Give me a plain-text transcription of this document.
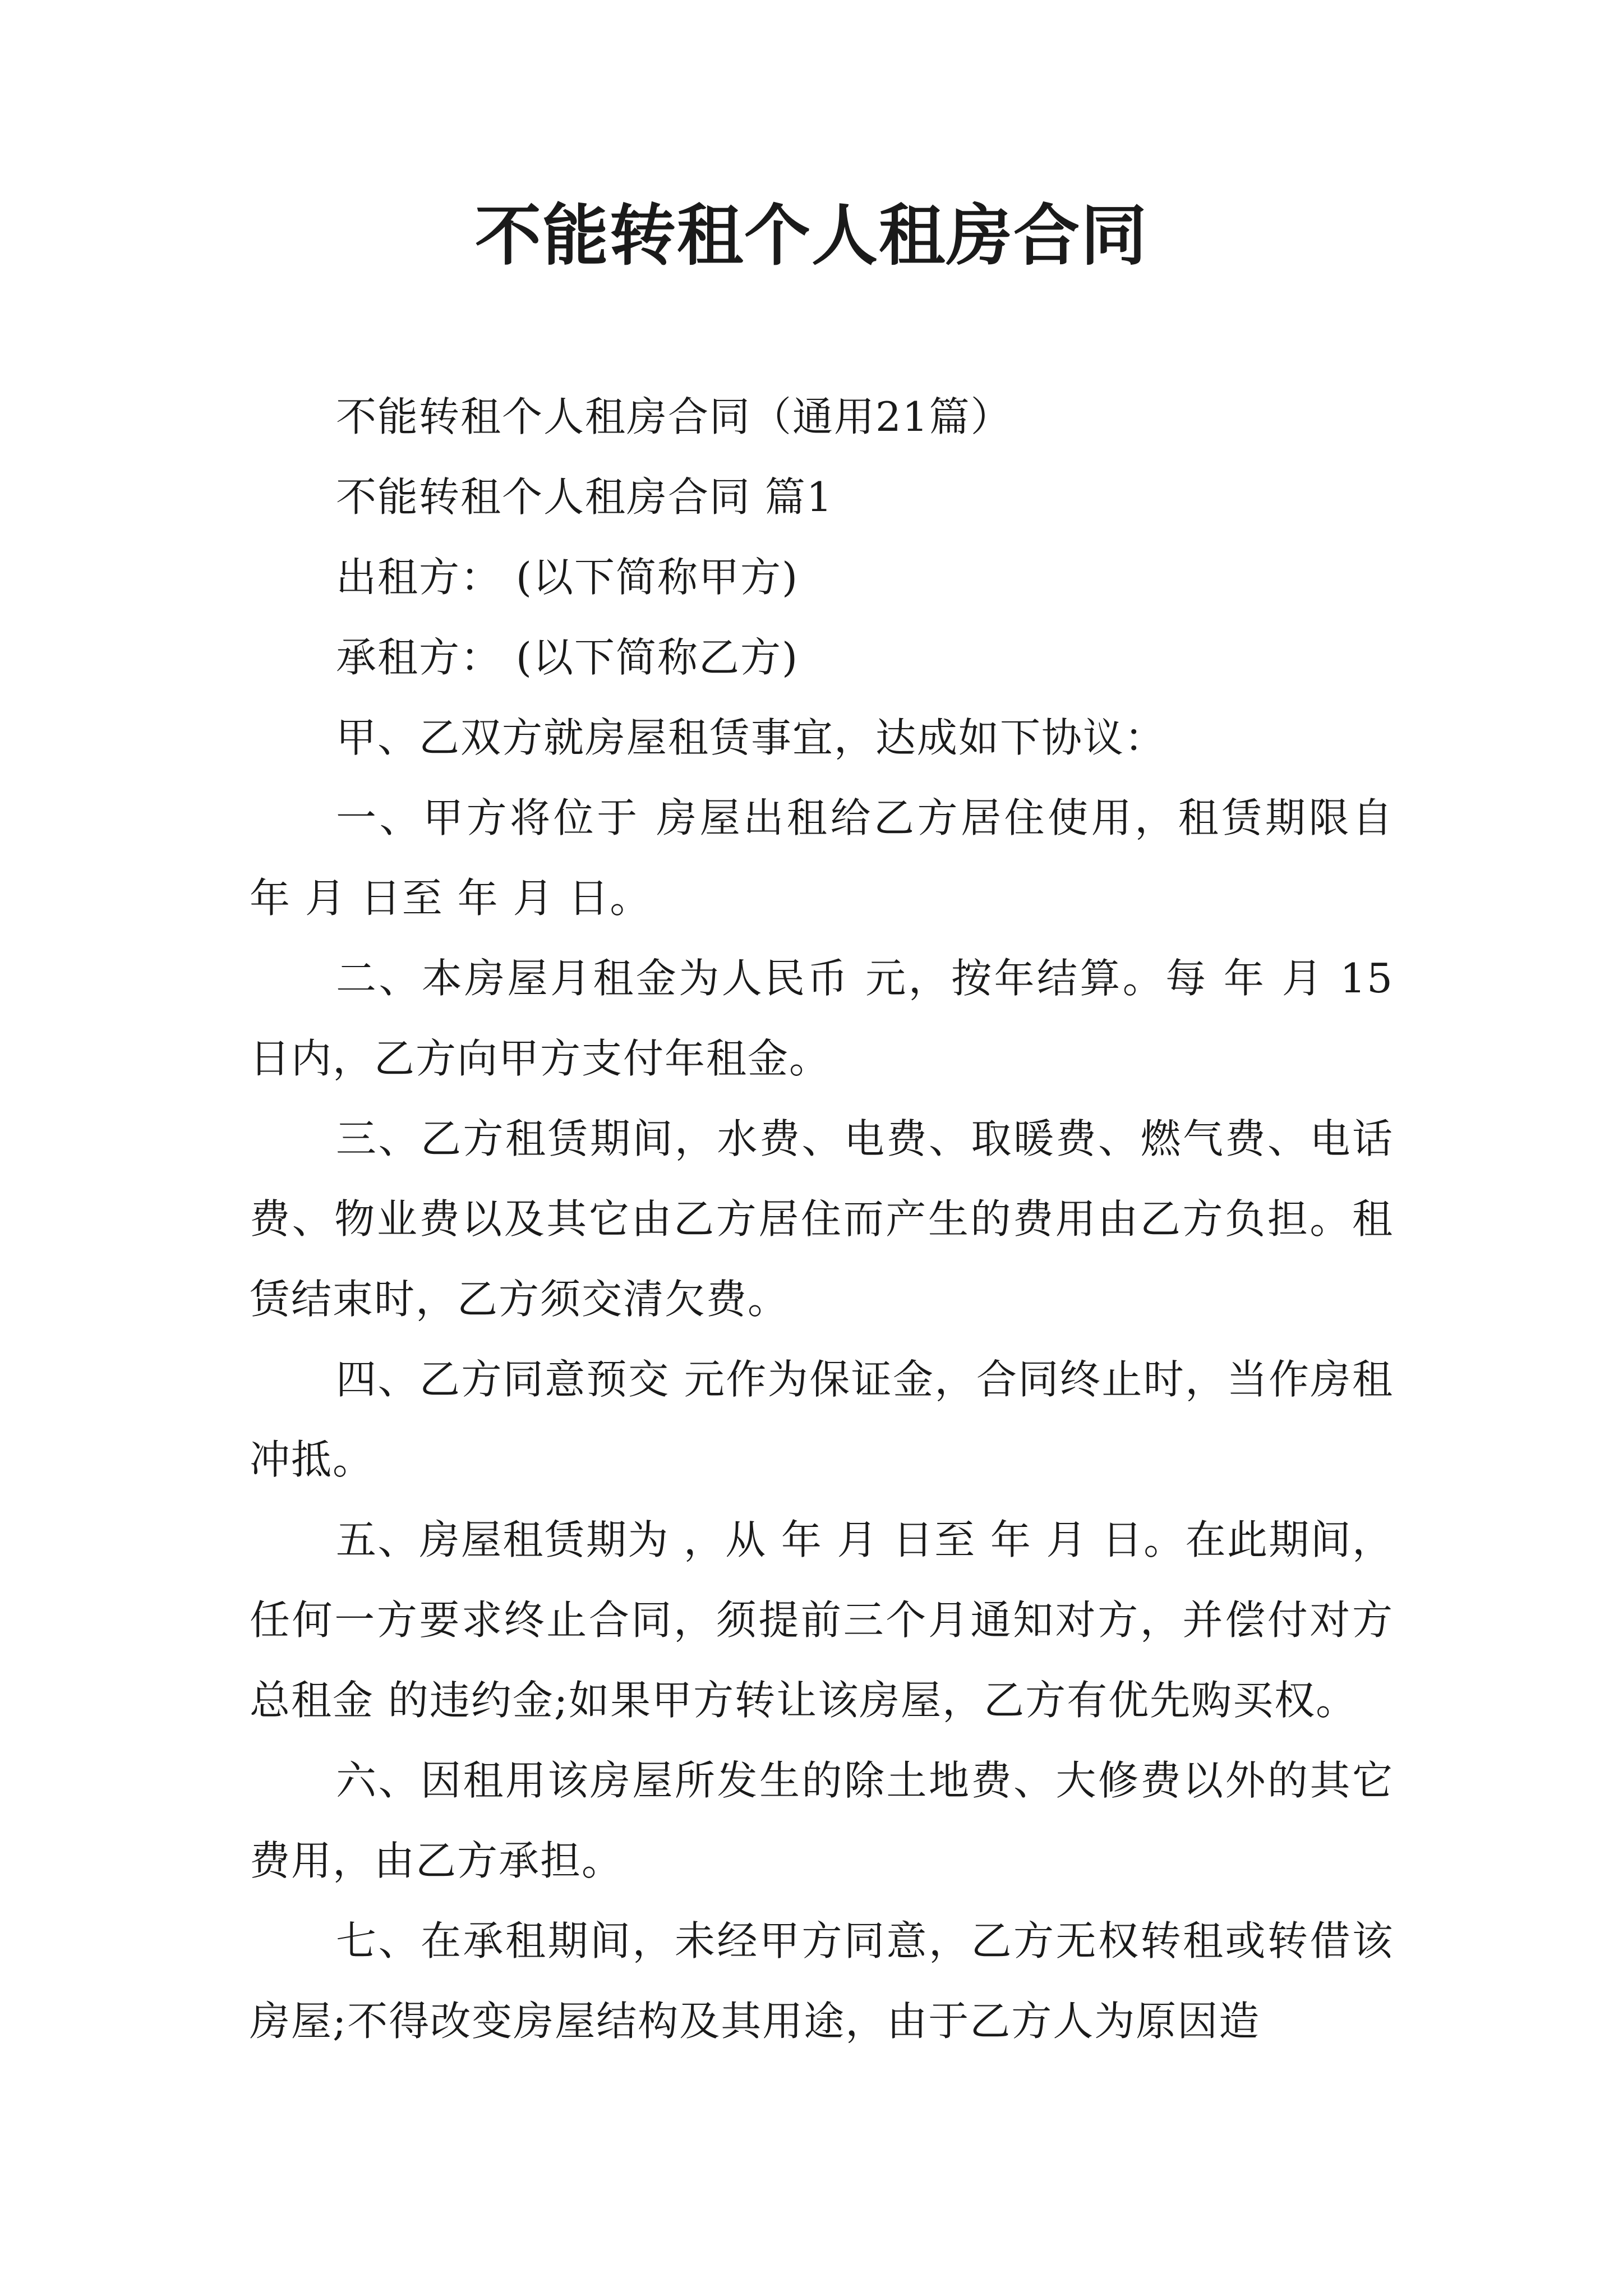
不能转租个人租房合同

不能转租个人租房合同（通用21篇）

不能转租个人租房合同 篇1

出租方： (以下简称甲方)

承租方： (以下简称乙方)

甲、乙双方就房屋租赁事宜，达成如下协议：

一、甲方将位于 房屋出租给乙方居住使用，租赁期限自 年 月 日至 年 月 日。

二、本房屋月租金为人民币 元，按年结算。每 年 月 15日内，乙方向甲方支付年租金。

三、乙方租赁期间，水费、电费、取暖费、燃气费、电话费、物业费以及其它由乙方居住而产生的费用由乙方负担。租赁结束时，乙方须交清欠费。

四、乙方同意预交 元作为保证金，合同终止时，当作房租冲抵。

五、房屋租赁期为 ，从 年 月 日至 年 月 日。在此期间，任何一方要求终止合同，须提前三个月通知对方，并偿付对方总租金 的违约金;如果甲方转让该房屋，乙方有优先购买权。

六、因租用该房屋所发生的除土地费、大修费以外的其它费用，由乙方承担。

七、在承租期间，未经甲方同意，乙方无权转租或转借该房屋;不得改变房屋结构及其用途，由于乙方人为原因造
